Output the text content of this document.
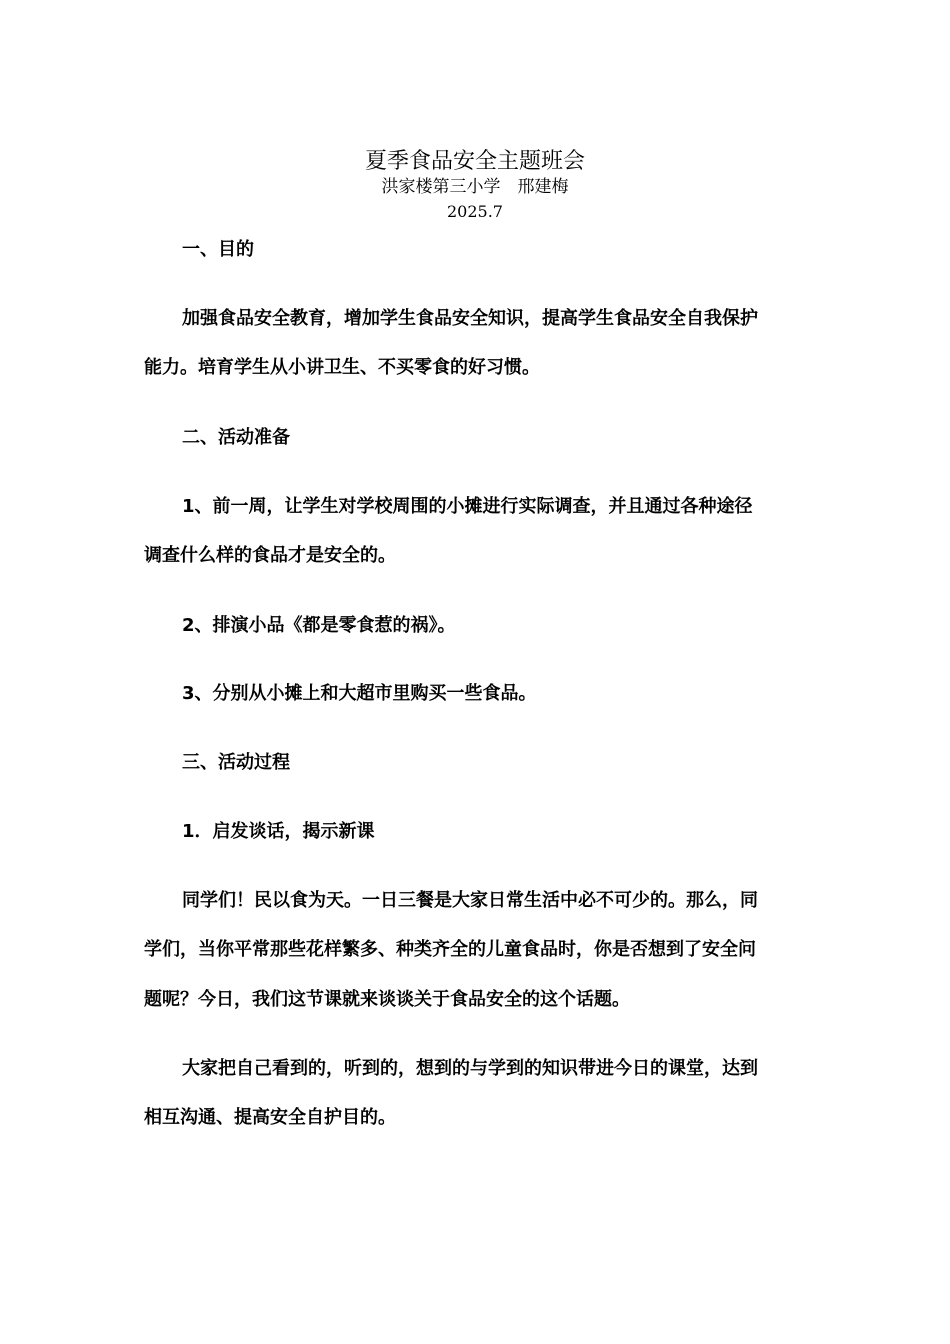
夏季食品安全主题班会
洪家楼第三小学　邢建梅
2025.7
一、目的
加强食品安全教育，增加学生食品安全知识，提高学生食品安全自我保护
能力。培育学生从小讲卫生、不买零食的好习惯。
二、活动准备
1、前一周，让学生对学校周围的小摊进行实际调查，并且通过各种途径
调查什么样的食品才是安全的。
2、排演小品《都是零食惹的祸》。
3、分别从小摊上和大超市里购买一些食品。
三、活动过程
1．启发谈话，揭示新课
同学们！民以食为天。一日三餐是大家日常生活中必不可少的。那么，同
学们，当你平常那些花样繁多、种类齐全的儿童食品时，你是否想到了安全问
题呢？今日，我们这节课就来谈谈关于食品安全的这个话题。
大家把自己看到的，听到的，想到的与学到的知识带进今日的课堂，达到
相互沟通、提高安全自护目的。
